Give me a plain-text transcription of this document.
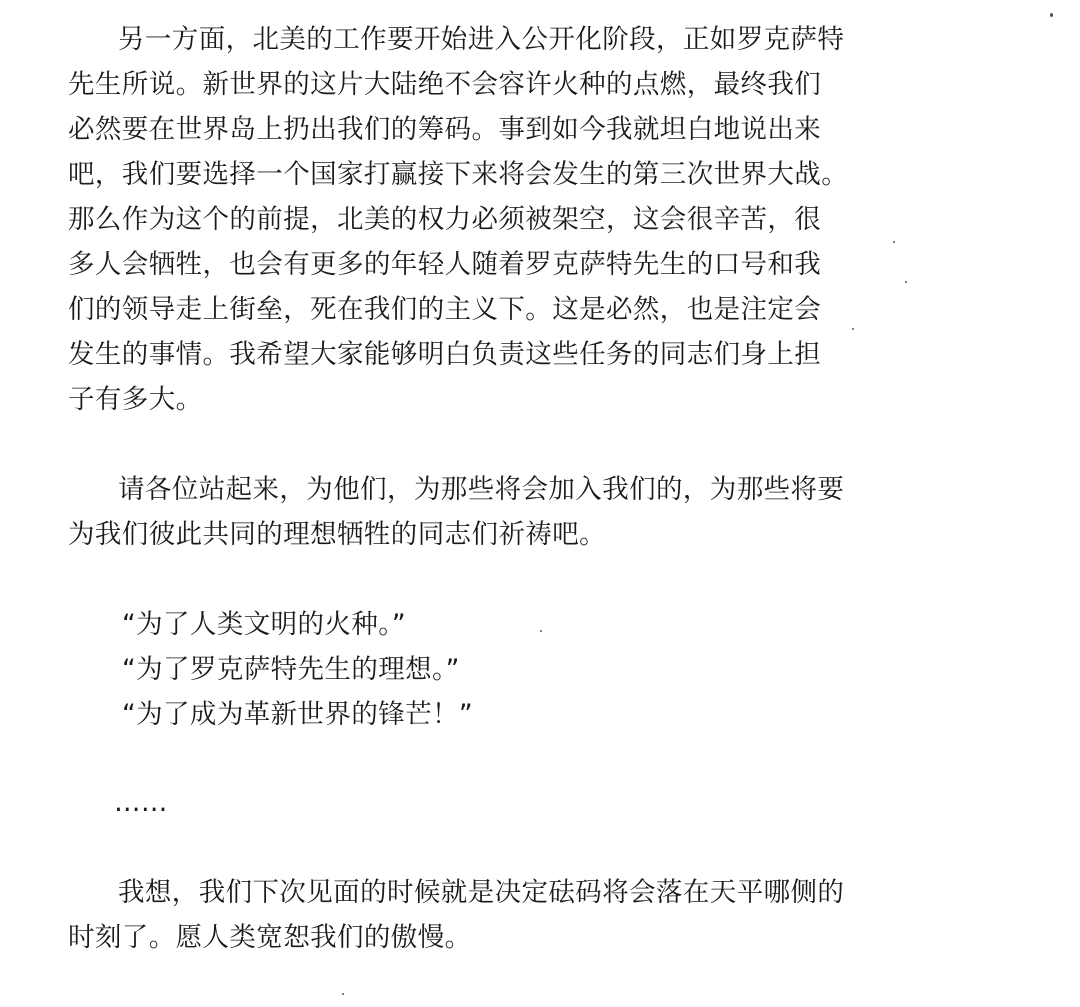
另一方面，北美的工作要开始进入公开化阶段，正如罗克萨特

先生所说。新世界的这片大陆绝不会容许火种的点燃，最终我们

必然要在世界岛上扔出我们的筹码。事到如今我就坦白地说出来

吧，我们要选择一个国家打赢接下来将会发生的第三次世界大战。

那么作为这个的前提，北美的权力必须被架空，这会很辛苦，很

多人会牺牲，也会有更多的年轻人随着罗克萨特先生的口号和我

们的领导走上街垒，死在我们的主义下。这是必然，也是注定会

发生的事情。我希望大家能够明白负责这些任务的同志们身上担

子有多大。

请各位站起来，为他们，为那些将会加入我们的，为那些将要

为我们彼此共同的理想牺牲的同志们祈祷吧。

“为了人类文明的火种。”

“为了罗克萨特先生的理想。”

“为了成为革新世界的锋芒！”

……

我想，我们下次见面的时候就是决定砝码将会落在天平哪侧的

时刻了。愿人类宽恕我们的傲慢。
